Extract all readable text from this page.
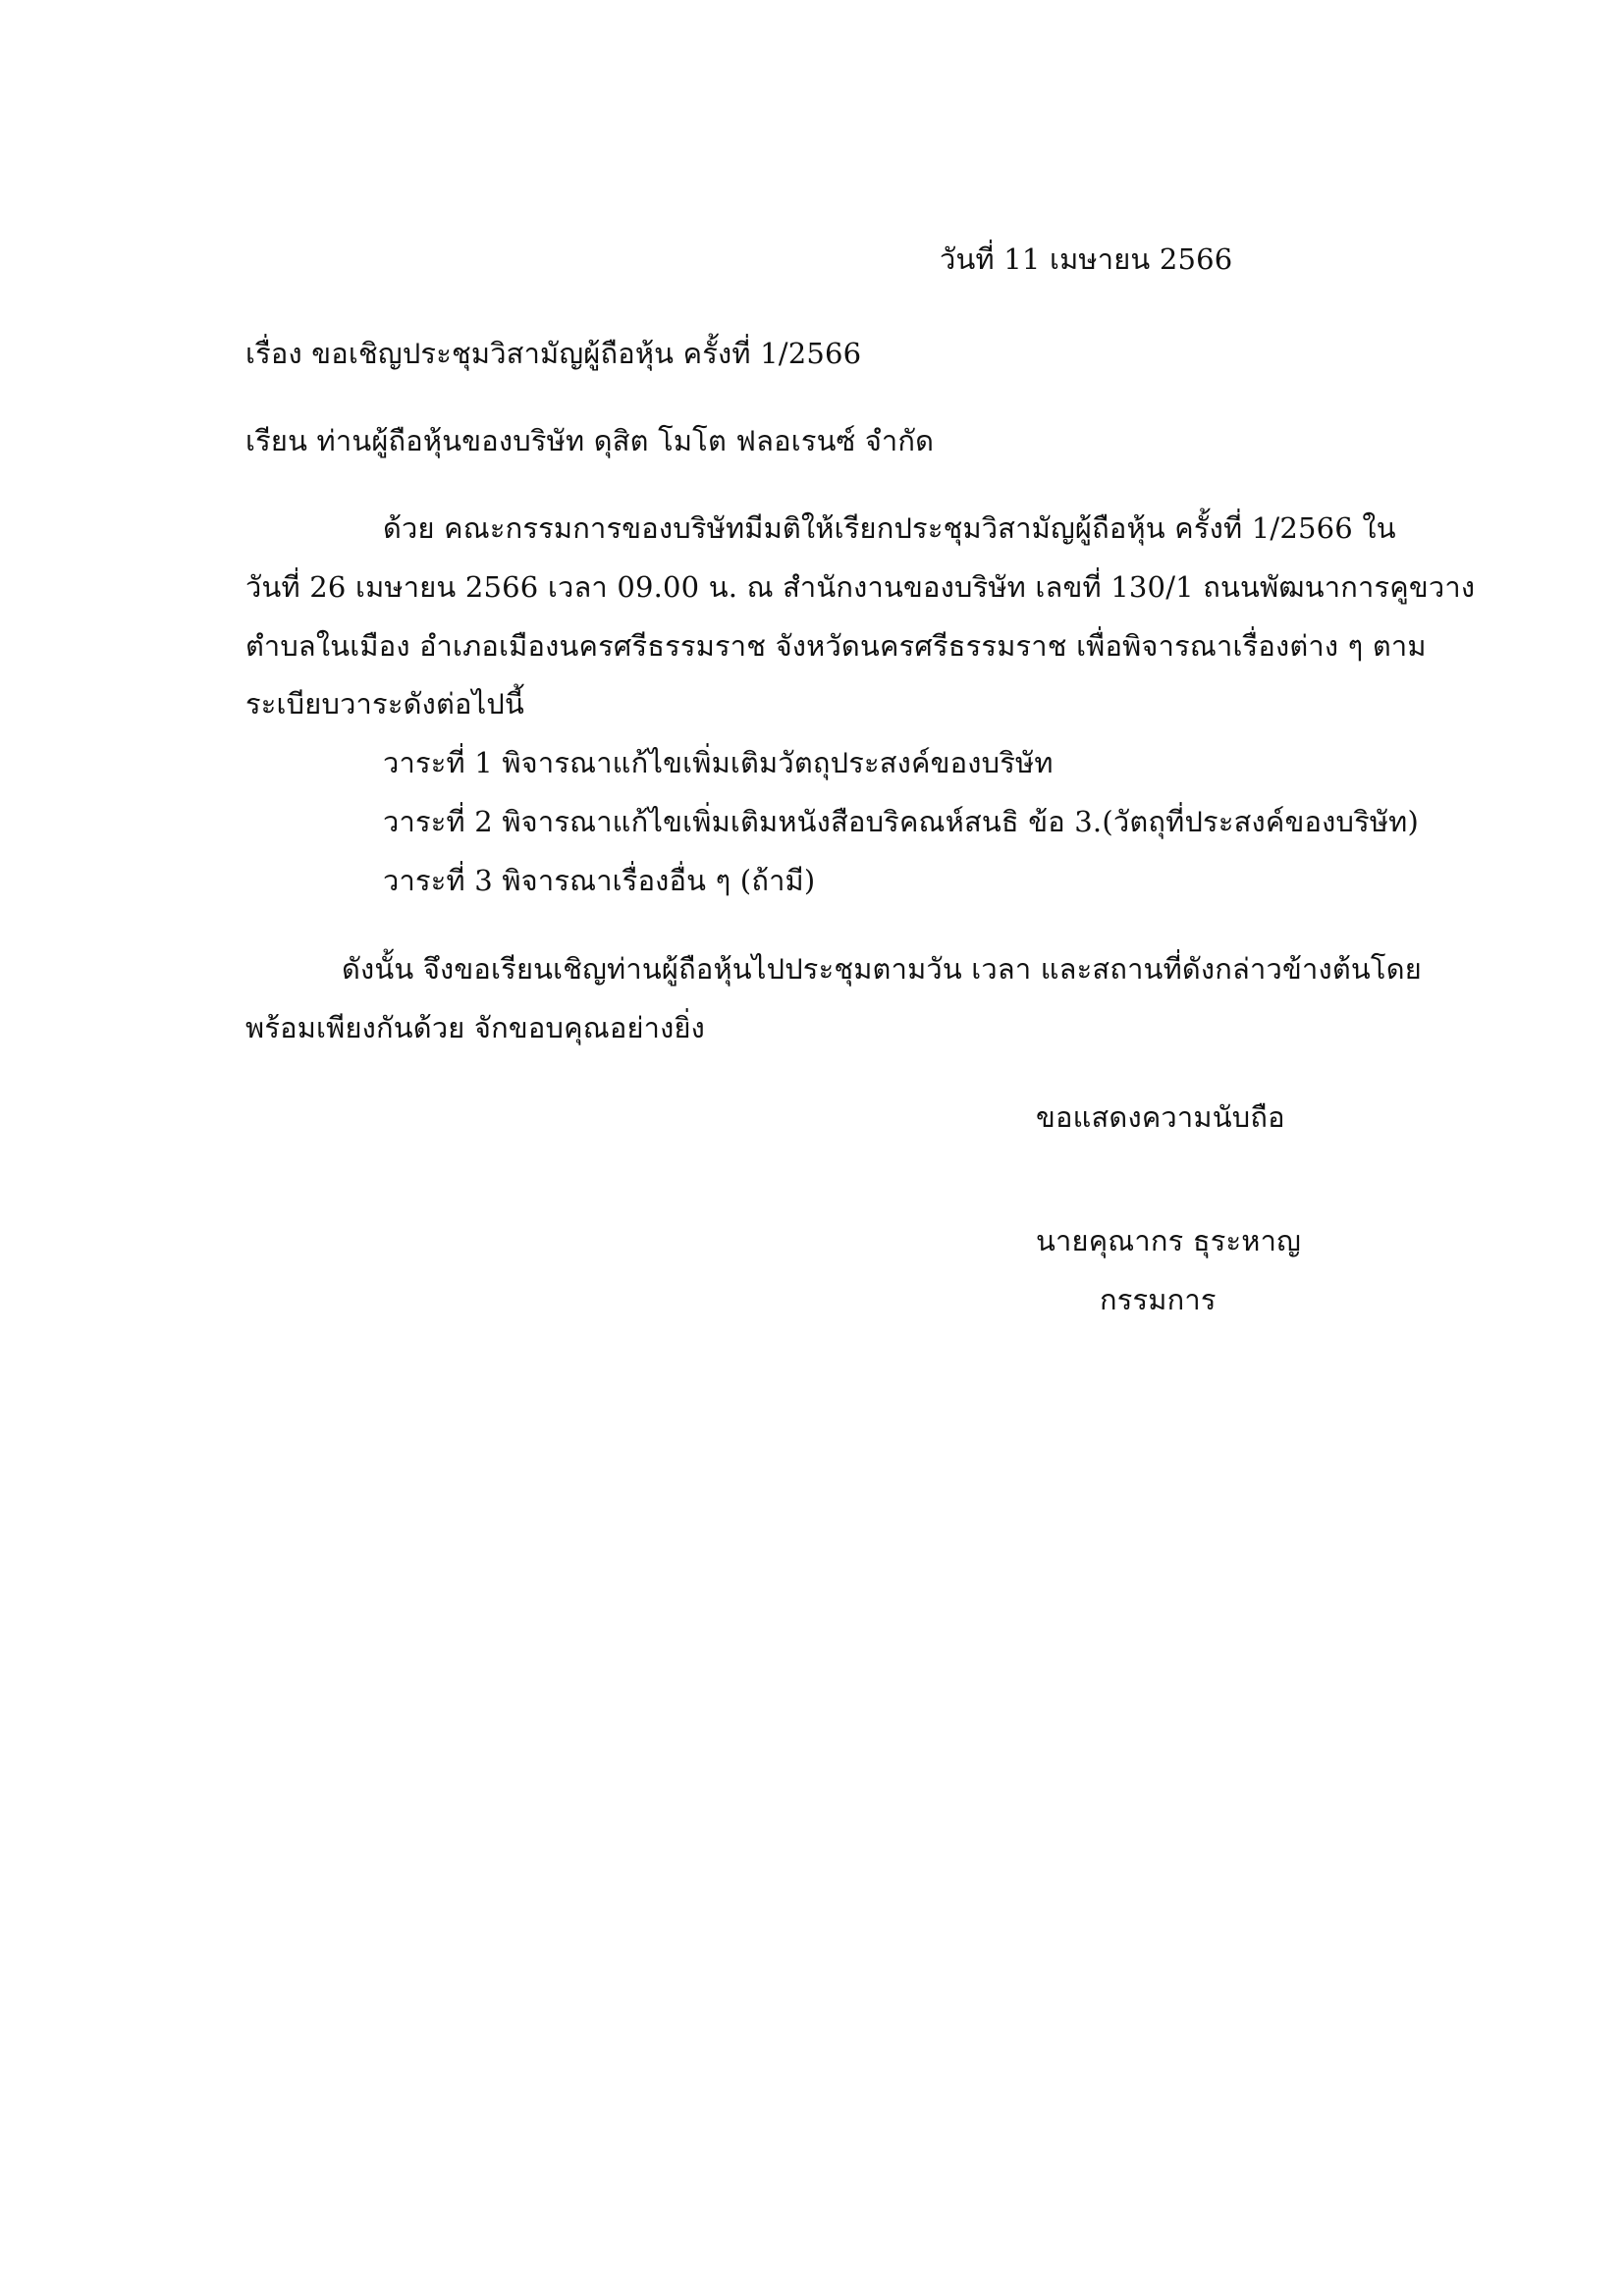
วันที่ 11 เมษายน 2566
เรื่อง ขอเชิญประชุมวิสามัญผู้ถือหุ้น ครั้งที่ 1/2566
เรียน ท่านผู้ถือหุ้นของบริษัท ดุสิต โมโต ฟลอเรนซ์ จำกัด
ด้วย คณะกรรมการของบริษัทมีมติให้เรียกประชุมวิสามัญผู้ถือหุ้น ครั้งที่ 1/2566 ใน
วันที่ 26 เมษายน 2566 เวลา 09.00 น. ณ สำนักงานของบริษัท เลขที่ 130/1 ถนนพัฒนาการคูขวาง
ตำบลในเมือง อำเภอเมืองนครศรีธรรมราช จังหวัดนครศรีธรรมราช เพื่อพิจารณาเรื่องต่าง ๆ ตาม
ระเบียบวาระดังต่อไปนี้
วาระที่ 1 พิจารณาแก้ไขเพิ่มเติมวัตถุประสงค์ของบริษัท
วาระที่ 2 พิจารณาแก้ไขเพิ่มเติมหนังสือบริคณห์สนธิ ข้อ 3.(วัตถุที่ประสงค์ของบริษัท)
วาระที่ 3 พิจารณาเรื่องอื่น ๆ (ถ้ามี)
ดังนั้น จึงขอเรียนเชิญท่านผู้ถือหุ้นไปประชุมตามวัน เวลา และสถานที่ดังกล่าวข้างต้นโดย
พร้อมเพียงกันด้วย จักขอบคุณอย่างยิ่ง
ขอแสดงความนับถือ
นายคุณากร ธุระหาญ
กรรมการ
